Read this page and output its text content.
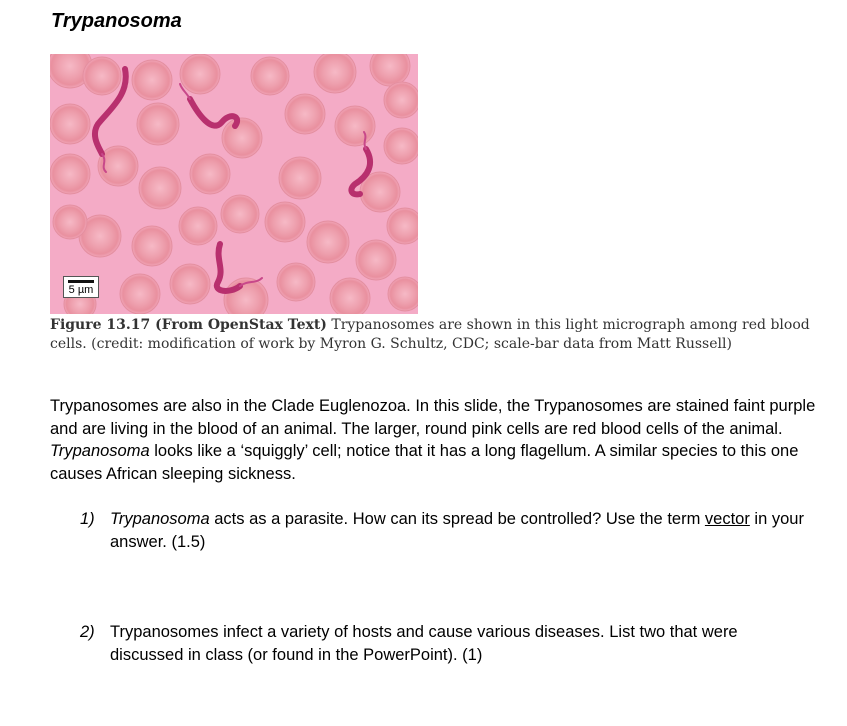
Trypanosoma
5 µm
Figure 13.17 (From OpenStax Text) Trypanosomes are shown in this light micrograph among red blood cells. (credit: modification of work by Myron G. Schultz, CDC; scale-bar data from Matt Russell)
Trypanosomes are also in the Clade Euglenozoa. In this slide, the Trypanosomes are stained faint purple and are living in the blood of an animal. The larger, round pink cells are red blood cells of the animal. Trypanosoma looks like a ‘squiggly’ cell; notice that it has a long flagellum. A similar species to this one causes African sleeping sickness.
1) Trypanosoma acts as a parasite. How can its spread be controlled? Use the term vector in your answer. (1.5)
2) Trypanosomes infect a variety of hosts and cause various diseases. List two that were discussed in class (or found in the PowerPoint). (1)
